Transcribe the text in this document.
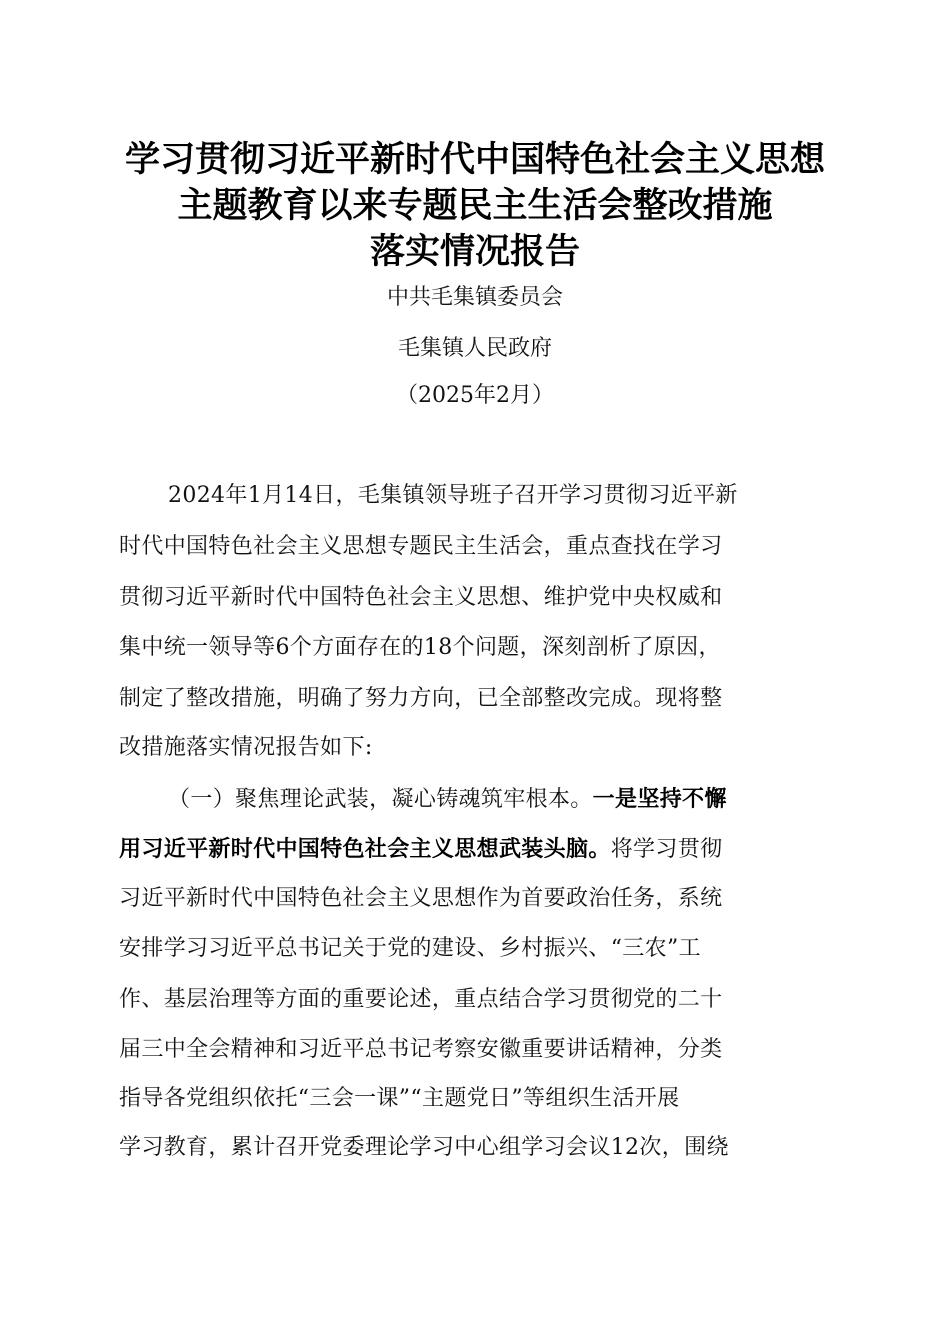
学习贯彻习近平新时代中国特色社会主义思想
主题教育以来专题民主生活会整改措施
落实情况报告
中共毛集镇委员会
毛集镇人民政府
（2025年2月）
2024年1月14日，毛集镇领导班子召开学习贯彻习近平新
时代中国特色社会主义思想专题民主生活会，重点查找在学习
贯彻习近平新时代中国特色社会主义思想、维护党中央权威和
集中统一领导等6个方面存在的18个问题，深刻剖析了原因，
制定了整改措施，明确了努力方向，已全部整改完成。现将整
改措施落实情况报告如下:
（一）聚焦理论武装，凝心铸魂筑牢根本。一是坚持不懈
用习近平新时代中国特色社会主义思想武装头脑。将学习贯彻
习近平新时代中国特色社会主义思想作为首要政治任务，系统
安排学习习近平总书记关于党的建设、乡村振兴、“三农”工
作、基层治理等方面的重要论述，重点结合学习贯彻党的二十
届三中全会精神和习近平总书记考察安徽重要讲话精神，分类
指导各党组织依托“三会一课”“主题党日”等组织生活开展
学习教育，累计召开党委理论学习中心组学习会议12次，围绕
